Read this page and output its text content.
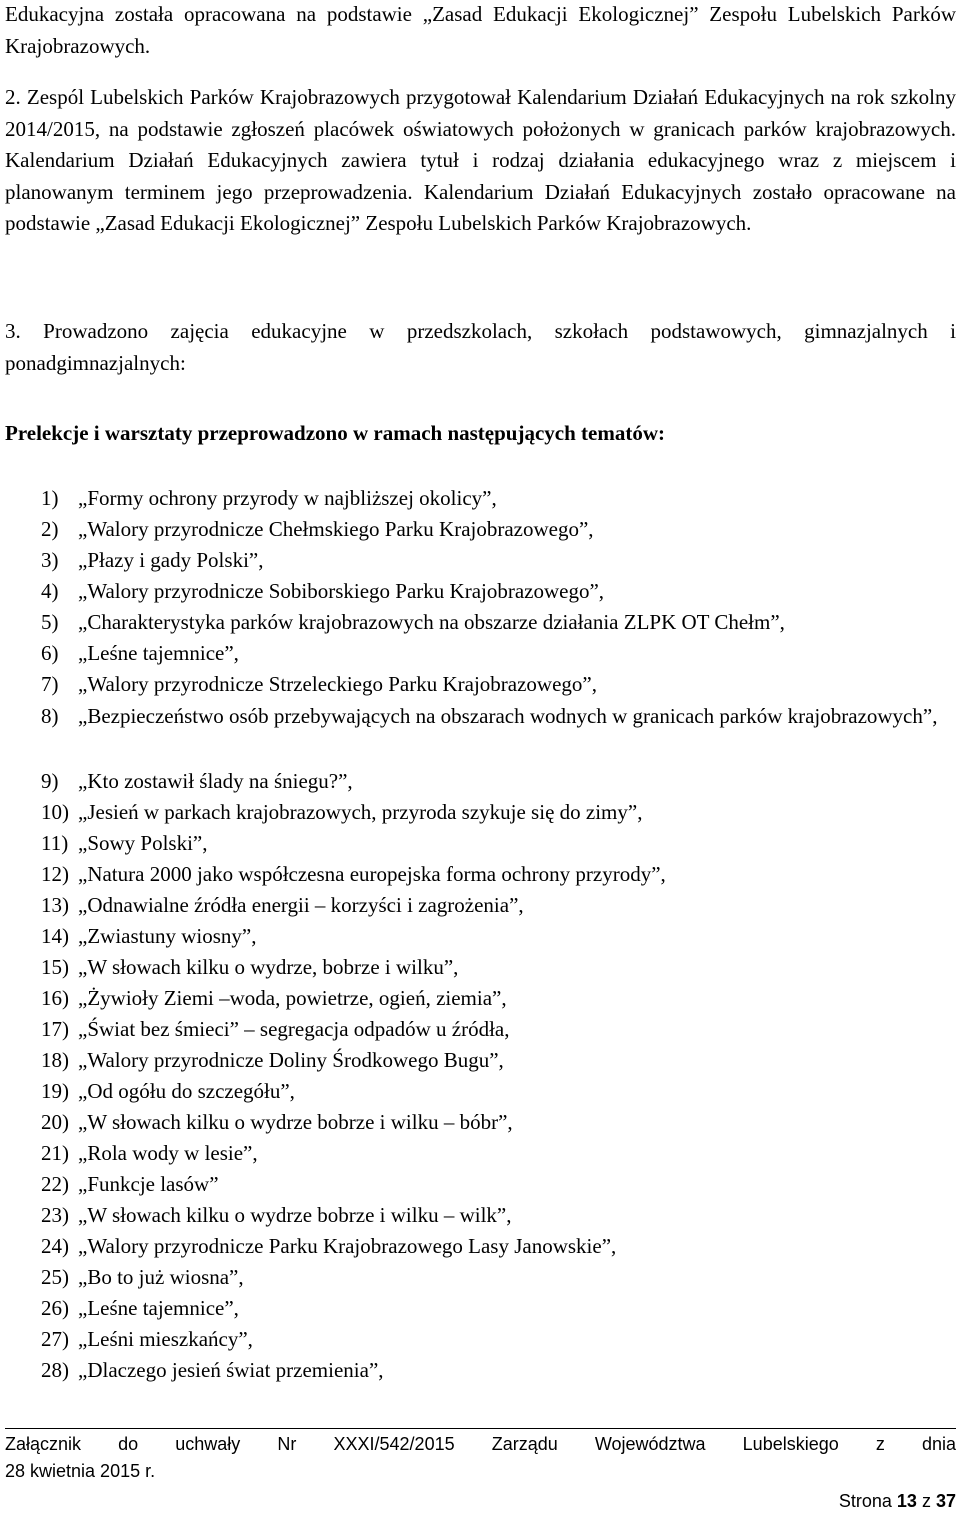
Edukacyjna została opracowana na podstawie „Zasad Edukacji Ekologicznej” Zespołu Lubelskich Parków Krajobrazowych.

2. Zespól Lubelskich Parków Krajobrazowych przygotował Kalendarium Działań Edukacyjnych na rok szkolny 2014/2015, na podstawie zgłoszeń placówek oświatowych położonych w granicach parków krajobrazowych. Kalendarium Działań Edukacyjnych zawiera tytuł i rodzaj działania edukacyjnego wraz z miejscem i planowanym terminem jego przeprowadzenia. Kalendarium Działań Edukacyjnych zostało opracowane na podstawie „Zasad Edukacji Ekologicznej” Zespołu Lubelskich Parków Krajobrazowych.

3. Prowadzono zajęcia edukacyjne w przedszkolach, szkołach podstawowych, gimnazjalnych i ponadgimnazjalnych:

Prelekcje i warsztaty przeprowadzono w ramach następujących tematów:
1) „Formy ochrony przyrody w najbliższej okolicy”,
2) „Walory przyrodnicze Chełmskiego Parku Krajobrazowego”,
3) „Płazy i gady Polski”,
4) „Walory przyrodnicze Sobiborskiego Parku Krajobrazowego”,
5) „Charakterystyka parków krajobrazowych na obszarze działania ZLPK OT Chełm”,
6) „Leśne tajemnice”,
7) „Walory przyrodnicze Strzeleckiego Parku Krajobrazowego”,
8) „Bezpieczeństwo osób przebywających na obszarach wodnych w granicach parków krajobrazowych”,
9) „Kto zostawił ślady na śniegu?”,
10) „Jesień w parkach krajobrazowych, przyroda szykuje się do zimy”,
11) „Sowy Polski”,
12) „Natura 2000 jako współczesna europejska forma ochrony przyrody”,
13) „Odnawialne źródła energii – korzyści i zagrożenia”,
14) „Zwiastuny wiosny”,
15) „W słowach kilku o wydrze, bobrze i wilku”,
16) „Żywioły Ziemi –woda, powietrze, ogień, ziemia”,
17) „Świat bez śmieci” – segregacja odpadów u źródła,
18) „Walory przyrodnicze Doliny Środkowego Bugu”,
19) „Od ogółu do szczegółu”,
20) „W słowach kilku o wydrze bobrze i wilku – bóbr”,
21) „Rola wody w lesie”,
22) „Funkcje lasów”
23) „W słowach kilku o wydrze bobrze i wilku – wilk”,
24) „Walory przyrodnicze Parku Krajobrazowego Lasy Janowskie”,
25) „Bo to już wiosna”,
26) „Leśne tajemnice”,
27) „Leśni mieszkańcy”,
28) „Dlaczego jesień świat przemienia”,
Załącznik do uchwały Nr XXXI/542/2015 Zarządu Województwa Lubelskiego z dnia
28 kwietnia 2015 r.
Strona 13 z 37
